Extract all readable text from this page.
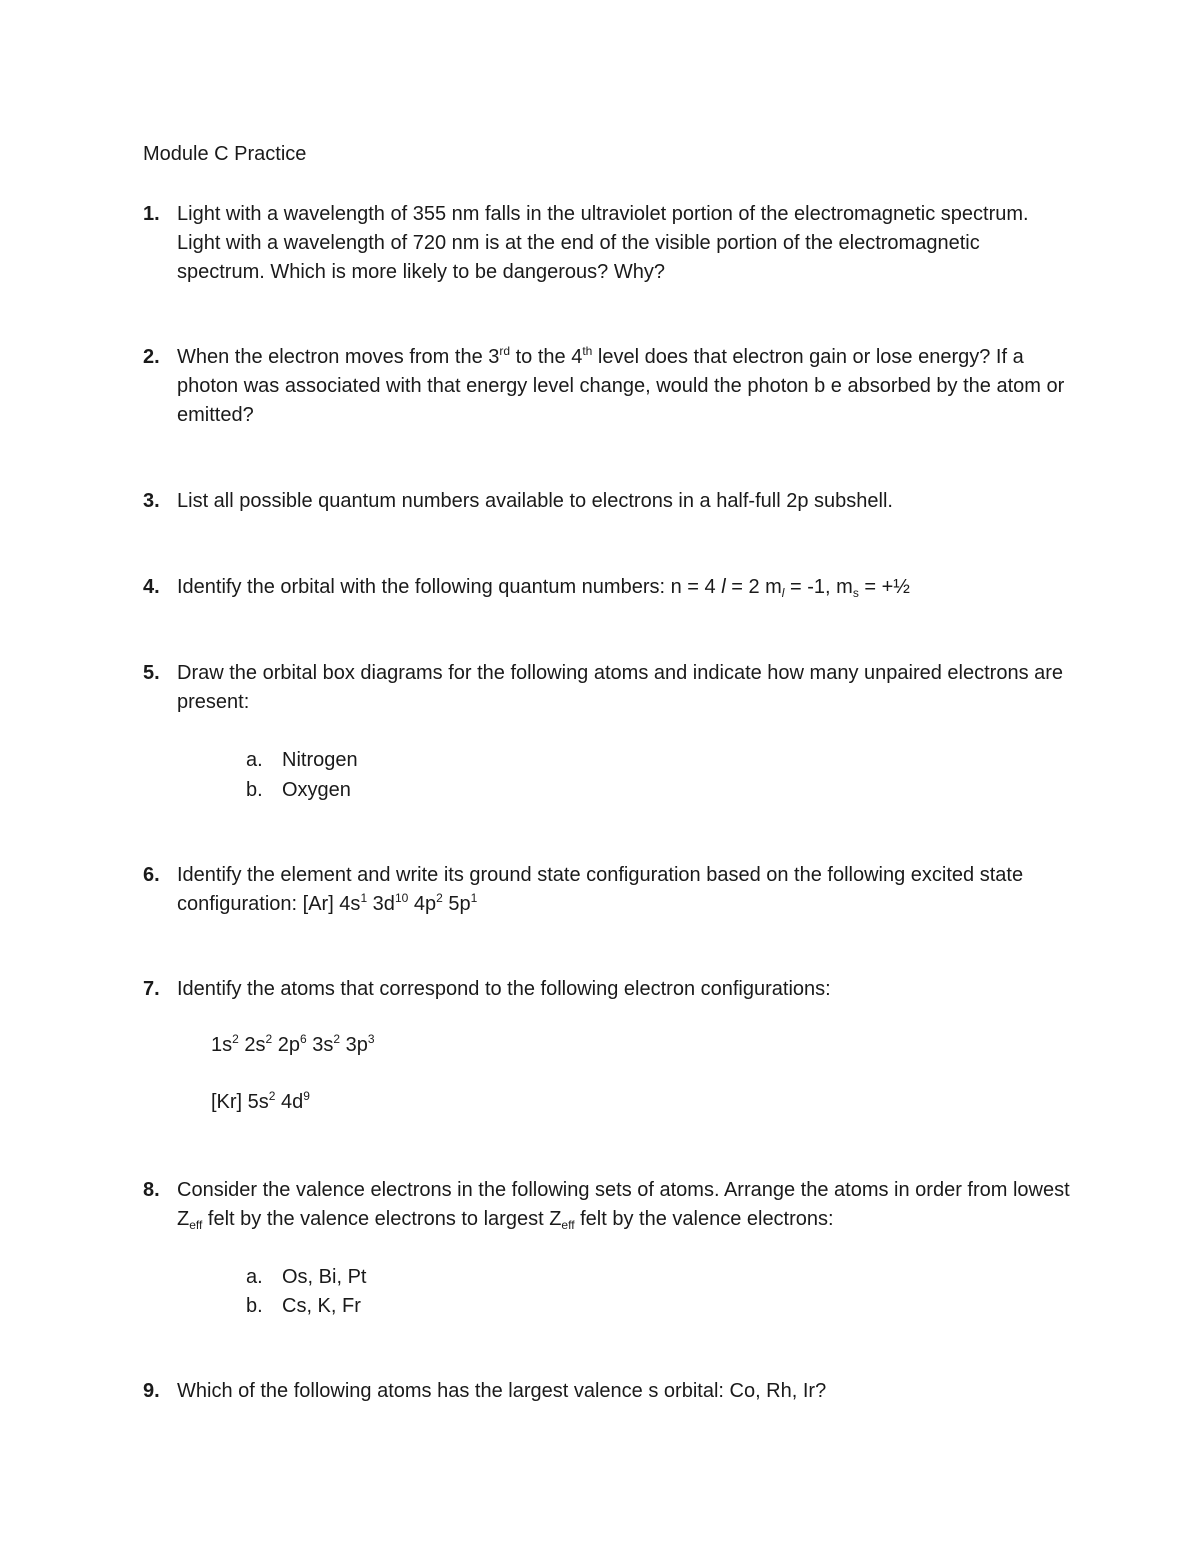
Module C Practice
1. Light with a wavelength of 355 nm falls in the ultraviolet portion of the electromagnetic spectrum. Light with a wavelength of 720 nm is at the end of the visible portion of the electromagnetic spectrum. Which is more likely to be dangerous? Why?
2. When the electron moves from the 3rd to the 4th level does that electron gain or lose energy? If a photon was associated with that energy level change, would the photon b e absorbed by the atom or emitted?
3. List all possible quantum numbers available to electrons in a half-full 2p subshell.
4. Identify the orbital with the following quantum numbers: n = 4 l = 2 $m_l = -1$, $m_s$ = +½
5. Draw the orbital box diagrams for the following atoms and indicate how many unpaired electrons are present:
a. Nitrogen
b. Oxygen
6. Identify the element and write its ground state configuration based on the following excited state configuration: [Ar] $4s^1$ $3d^{10}$ $4p^2$ $5p^1$
7. Identify the atoms that correspond to the following electron configurations:
$1s^2$ $2s^2$ $2p^6$ $3s^2$ $3p^3$
[Kr] $5s^2$ $4d^9$
8. Consider the valence electrons in the following sets of atoms. Arrange the atoms in order from lowest $Z_{eff}$ felt by the valence electrons to largest $Z_{eff}$ felt by the valence electrons:
a. Os, Bi, Pt
b. Cs, K, Fr
9. Which of the following atoms has the largest valence s orbital: Co, Rh, Ir?
